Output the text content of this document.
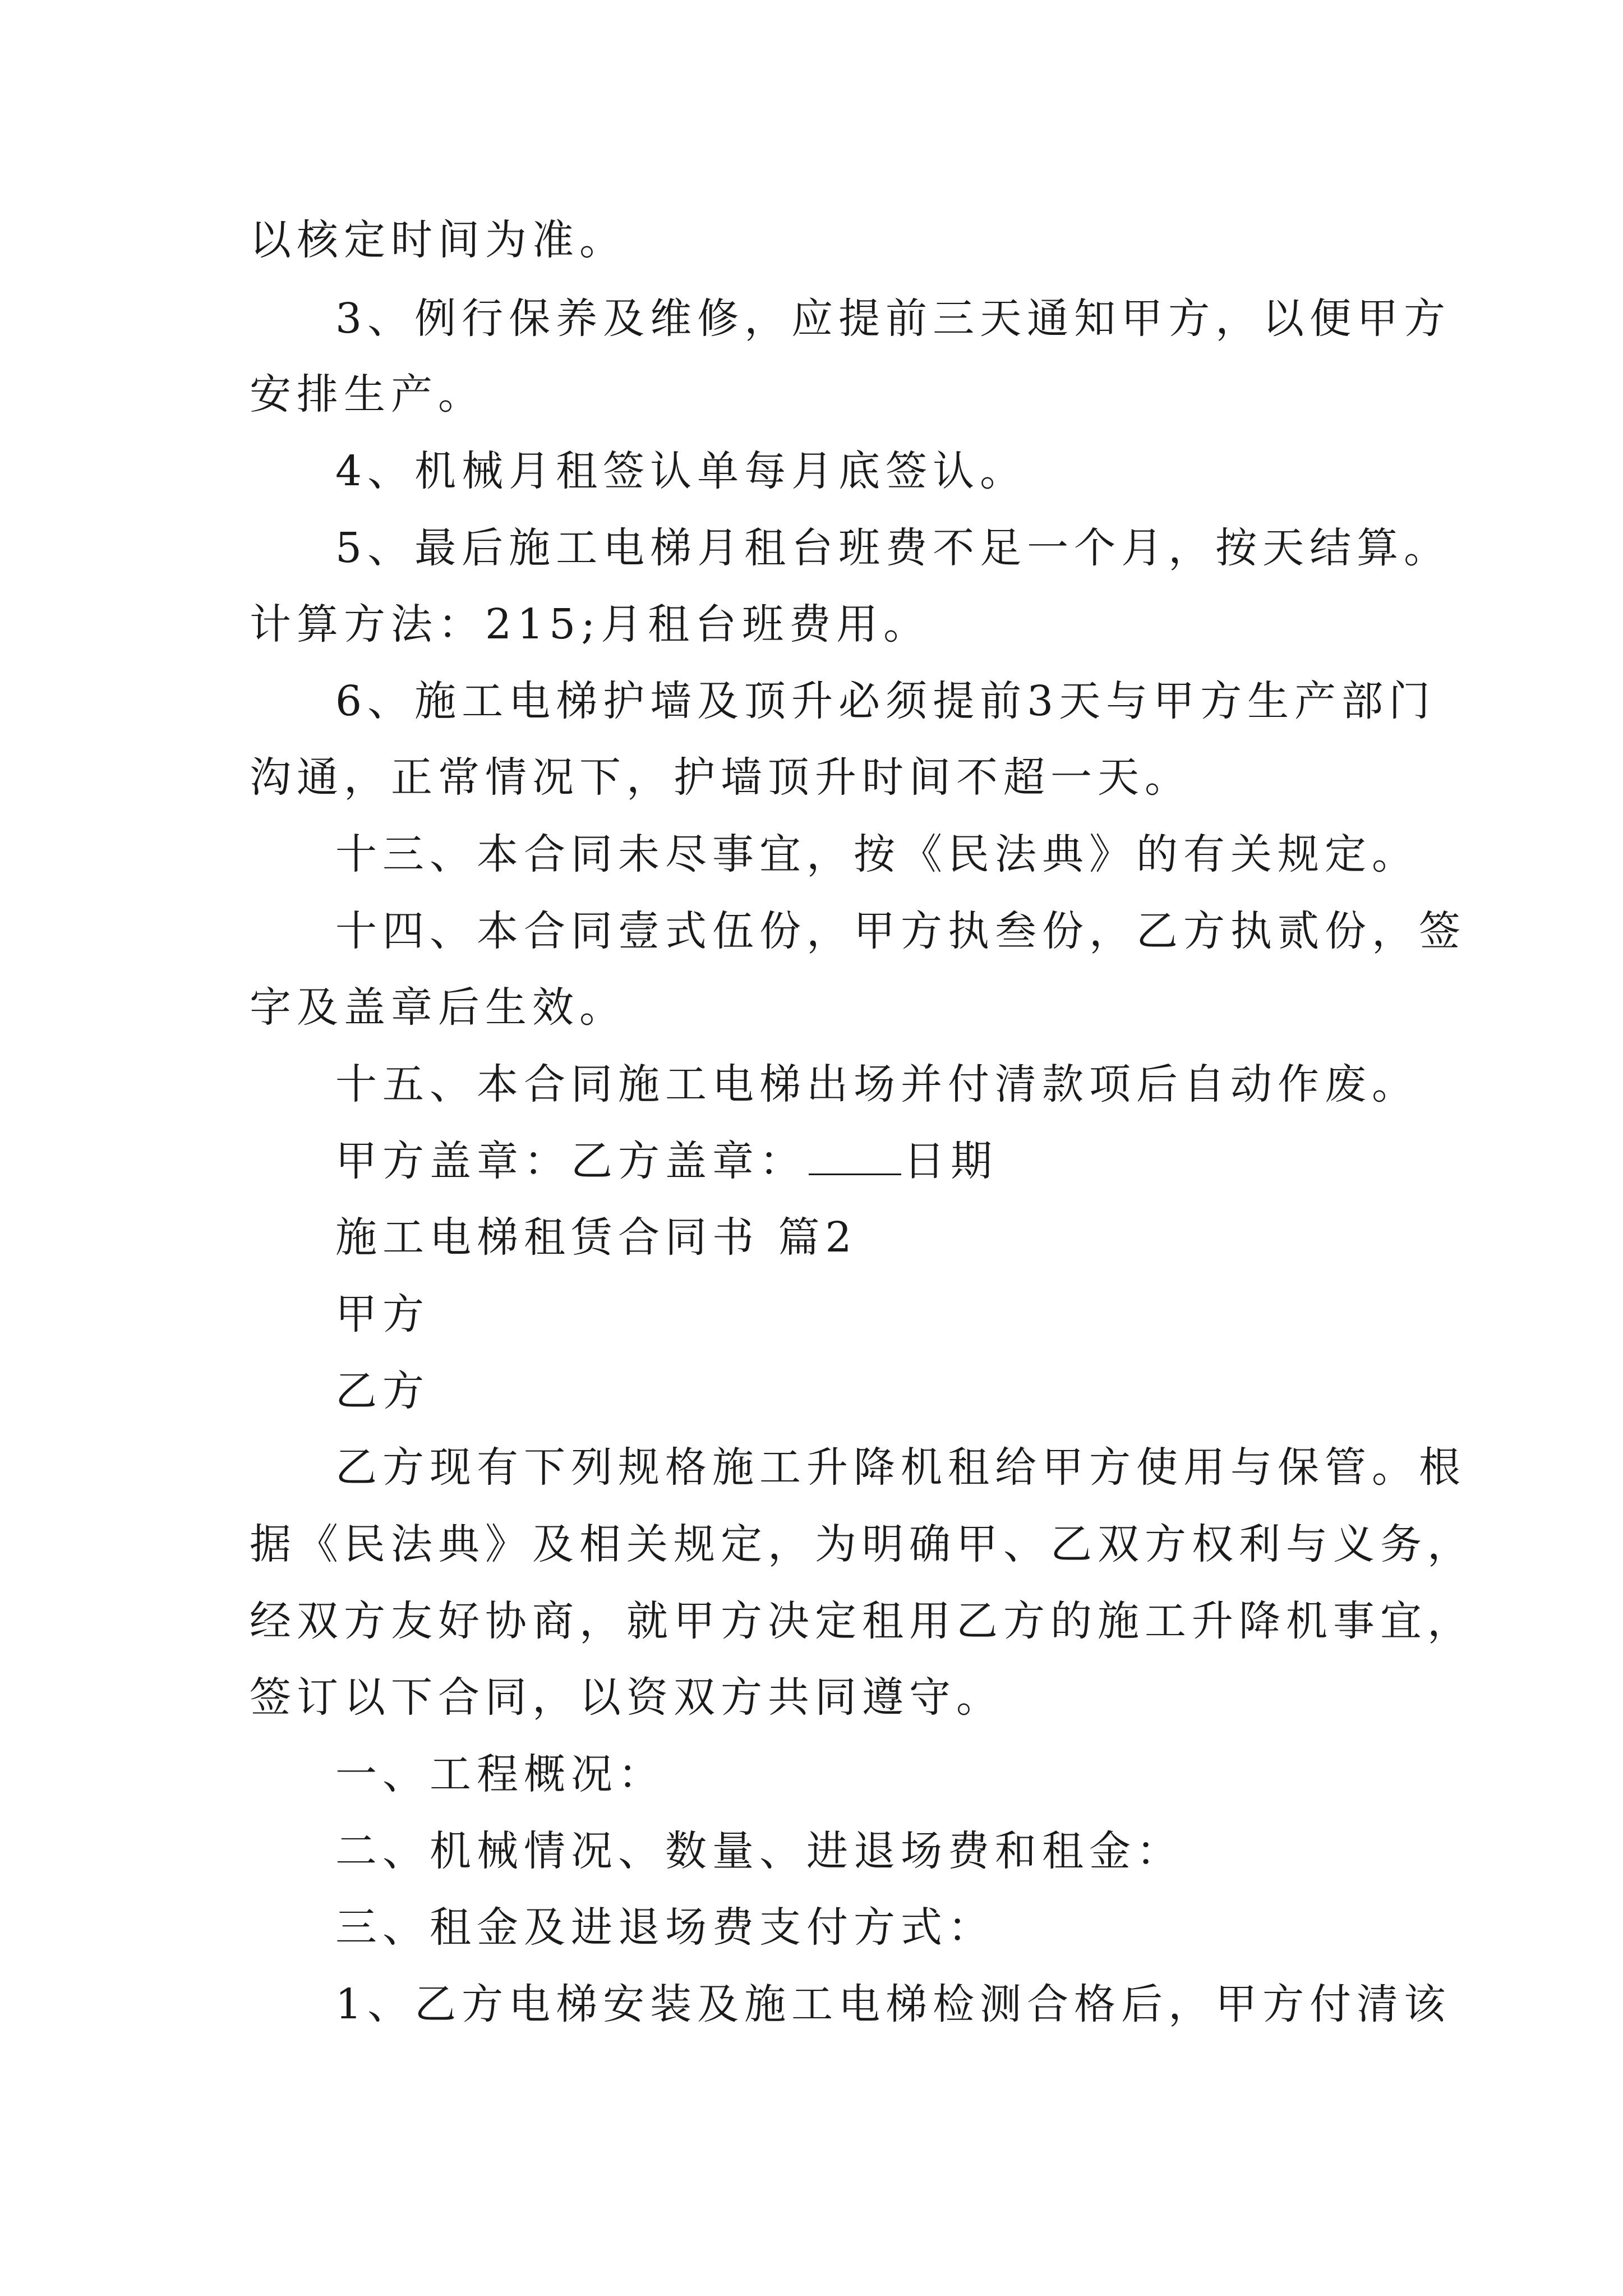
以核定时间为准。
3、例行保养及维修，应提前三天通知甲方，以便甲方
安排生产。
4、机械月租签认单每月底签认。
5、最后施工电梯月租台班费不足一个月，按天结算。
计算方法：215;月租台班费用。
6、施工电梯护墙及顶升必须提前3天与甲方生产部门
沟通，正常情况下，护墙顶升时间不超一天。
十三、本合同未尽事宜，按《民法典》的有关规定。
十四、本合同壹式伍份，甲方执叁份，乙方执贰份，签
字及盖章后生效。
十五、本合同施工电梯出场并付清款项后自动作废。
甲方盖章：乙方盖章： 日期
施工电梯租赁合同书 篇2
甲方
乙方
乙方现有下列规格施工升降机租给甲方使用与保管。根
据《民法典》及相关规定，为明确甲、乙双方权利与义务，
经双方友好协商，就甲方决定租用乙方的施工升降机事宜，
签订以下合同，以资双方共同遵守。
一、工程概况：
二、机械情况、数量、进退场费和租金：
三、租金及进退场费支付方式：
1、乙方电梯安装及施工电梯检测合格后，甲方付清该
